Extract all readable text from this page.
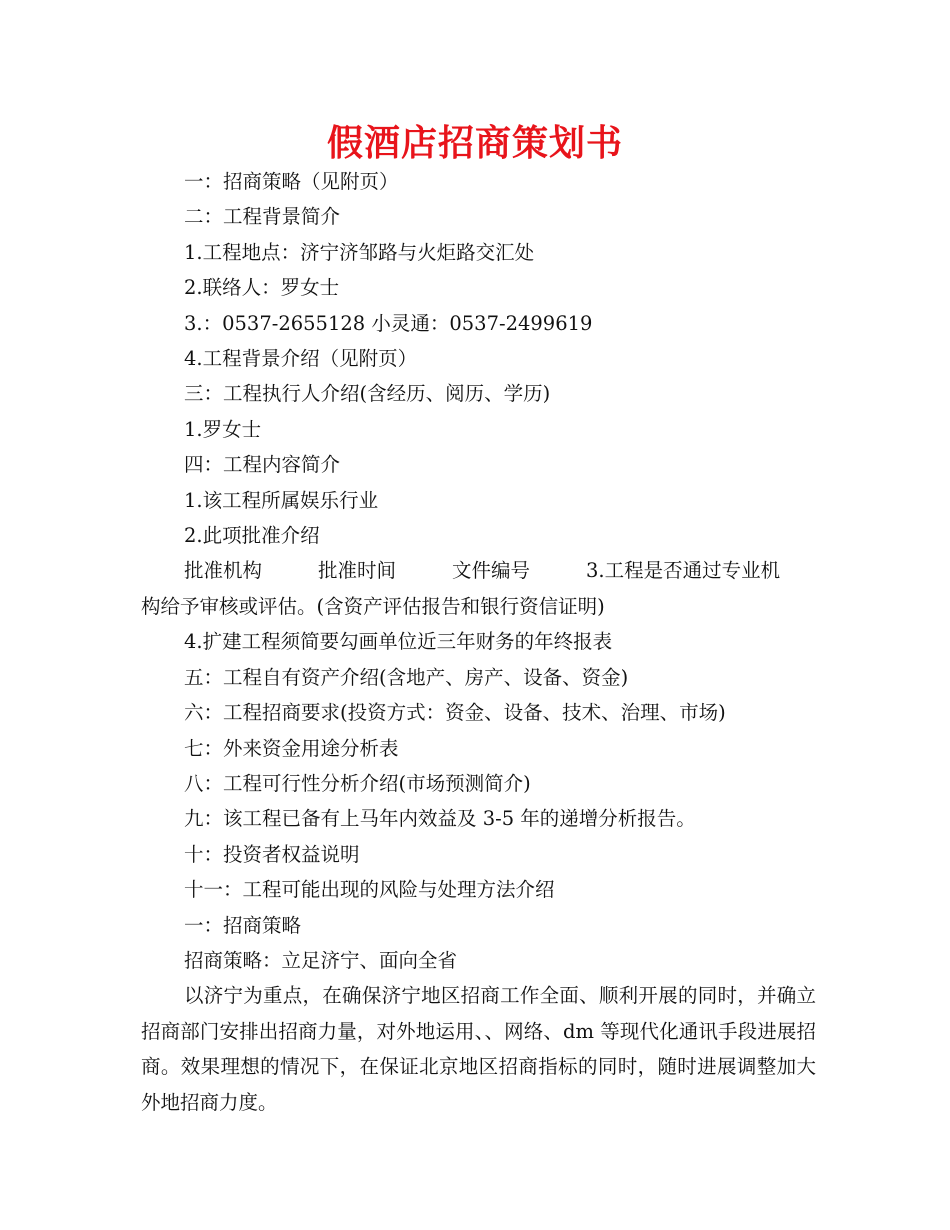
假酒店招商策划书
一：招商策略（见附页）
二：工程背景简介
1.工程地点：济宁济邹路与火炬路交汇处
2.联络人：罗女士
3.：0537-2655128 小灵通：0537-2499619
4.工程背景介绍（见附页）
三：工程执行人介绍(含经历、阅历、学历)
1.罗女士
四：工程内容简介
1.该工程所属娱乐行业
2.此项批准介绍
批准机构	批准时间	文件编号	3.工程是否通过专业机
构给予审核或评估。(含资产评估报告和银行资信证明)
4.扩建工程须简要勾画单位近三年财务的年终报表
五：工程自有资产介绍(含地产、房产、设备、资金)
六：工程招商要求(投资方式：资金、设备、技术、治理、市场)
七：外来资金用途分析表
八：工程可行性分析介绍(市场预测简介)
九：该工程已备有上马年内效益及 3-5 年的递增分析报告。
十：投资者权益说明
十一：工程可能出现的风险与处理方法介绍
一：招商策略
招商策略：立足济宁、面向全省
以济宁为重点，在确保济宁地区招商工作全面、顺利开展的同时，并确立招商部门安排出招商力量，对外地运用、、网络、dm 等现代化通讯手段进展招商。效果理想的情况下，在保证北京地区招商指标的同时，随时进展调整加大外地招商力度。
